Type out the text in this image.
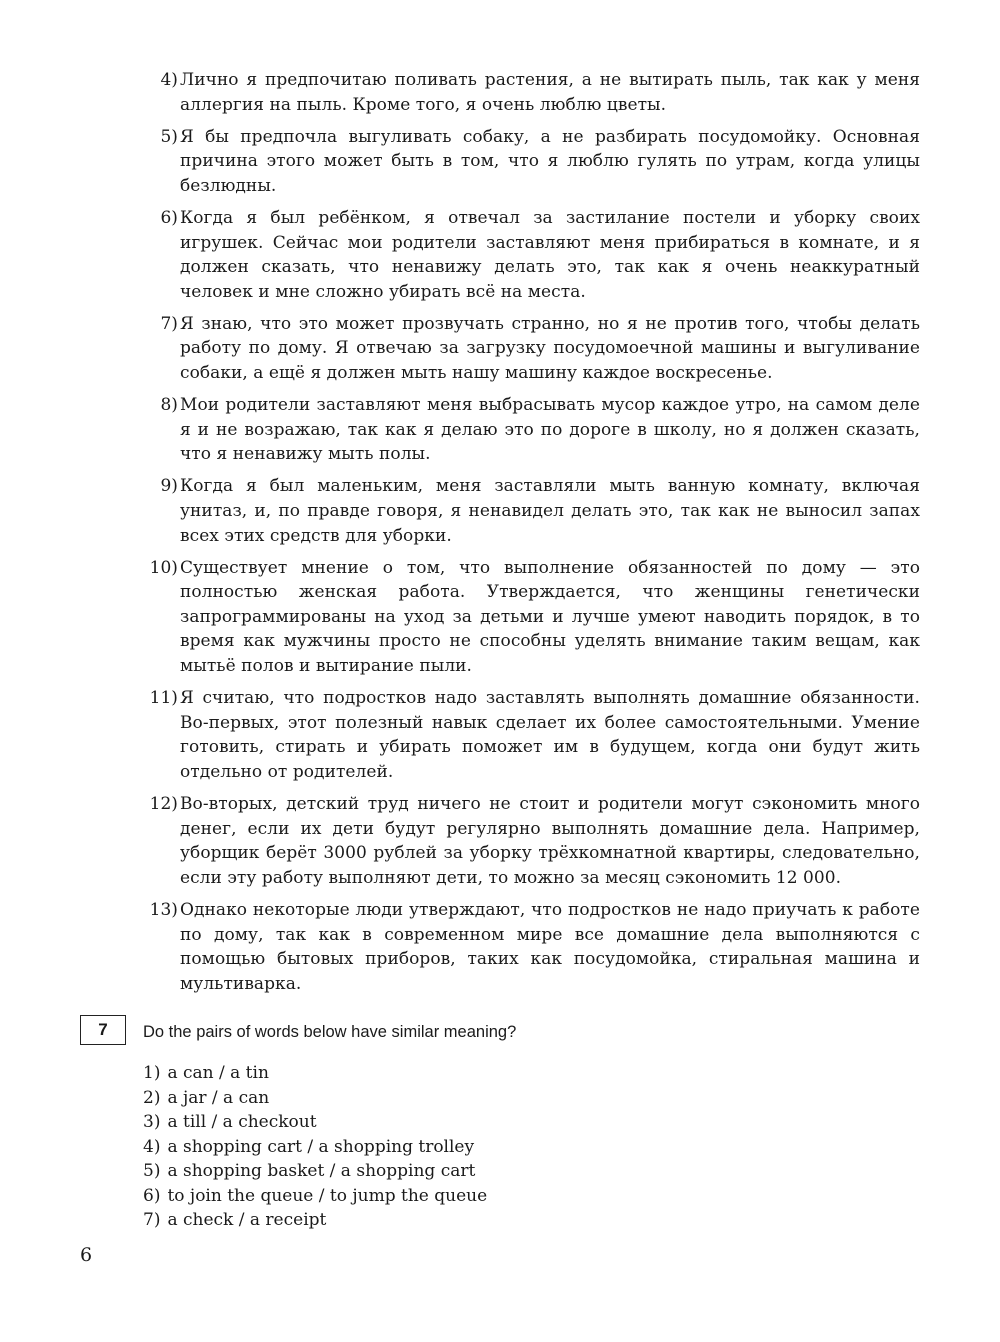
4) Лично я предпочитаю поливать растения, а не вытирать пыль, так как у меня аллергия на пыль. Кроме того, я очень люблю цветы.
5) Я бы предпочла выгуливать собаку, а не разбирать посудомойку. Основная причина этого может быть в том, что я люблю гулять по утрам, когда улицы безлюдны.
6) Когда я был ребёнком, я отвечал за застилание постели и уборку своих игрушек. Сейчас мои родители заставляют меня прибираться в комнате, и я должен сказать, что ненавижу делать это, так как я очень неаккуратный человек и мне сложно убирать всё на места.
7) Я знаю, что это может прозвучать странно, но я не против того, чтобы делать работу по дому. Я отвечаю за загрузку посудомоечной машины и выгуливание собаки, а ещё я должен мыть нашу машину каждое воскресенье.
8) Мои родители заставляют меня выбрасывать мусор каждое утро, на самом деле я и не возражаю, так как я делаю это по дороге в школу, но я должен сказать, что я ненавижу мыть полы.
9) Когда я был маленьким, меня заставляли мыть ванную комнату, включая унитаз, и, по правде говоря, я ненавидел делать это, так как не выносил запах всех этих средств для уборки.
10) Существует мнение о том, что выполнение обязанностей по дому — это полностью женская работа. Утверждается, что женщины генетически запрограммированы на уход за детьми и лучше умеют наводить порядок, в то время как мужчины просто не способны уделять внимание таким вещам, как мытьё полов и вытирание пыли.
11) Я считаю, что подростков надо заставлять выполнять домашние обязанности. Во-первых, этот полезный навык сделает их более самостоятельными. Умение готовить, стирать и убирать поможет им в будущем, когда они будут жить отдельно от родителей.
12) Во-вторых, детский труд ничего не стоит и родители могут сэкономить много денег, если их дети будут регулярно выполнять домашние дела. Например, уборщик берёт 3000 рублей за уборку трёхкомнатной квартиры, следовательно, если эту работу выполняют дети, то можно за месяц сэкономить 12 000.
13) Однако некоторые люди утверждают, что подростков не надо приучать к работе по дому, так как в современном мире все домашние дела выполняются с помощью бытовых приборов, таких как посудомойка, стиральная машина и мультиварка.
7	Do the pairs of words below have similar meaning?
1) a can / a tin
2) a jar / a can
3) a till / a checkout
4) a shopping cart / a shopping trolley
5) a shopping basket / a shopping cart
6) to join the queue / to jump the queue
7) a check / a receipt
6
